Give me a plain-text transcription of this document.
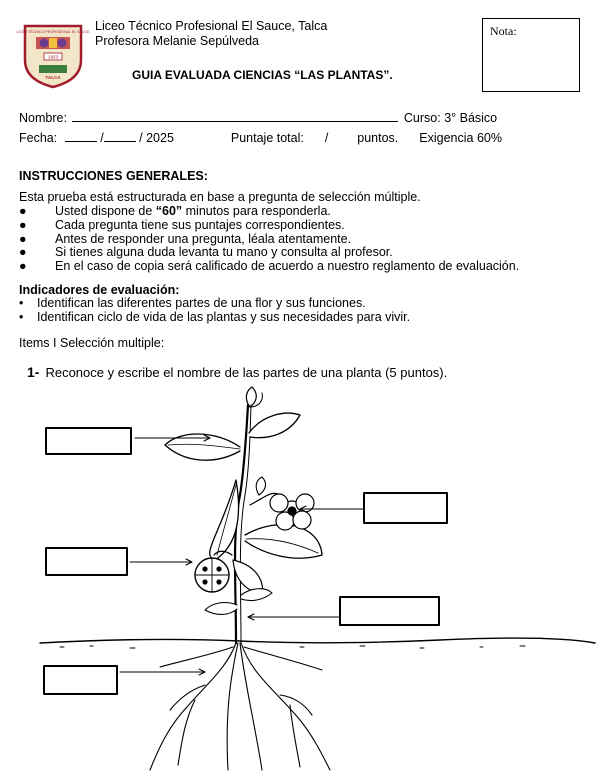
LICEO TÉCNICO PROFESIONAL EL SAUCE
1953
TALCA
Liceo Técnico Profesional El Sauce, Talca
Profesora Melanie Sepúlveda
GUIA EVALUADA CIENCIAS “LAS PLANTAS”.
Nota:
Nombre:	Curso: 3° Básico
Fecha:	/	/ 2025	Puntaje total: / puntos. Exigencia 60%
INSTRUCCIONES GENERALES:
Esta prueba está estructurada en base a pregunta de selección múltiple.
● Usted dispone de “60” minutos para responderla.
● Cada pregunta tiene sus puntajes correspondientes.
● Antes de responder una pregunta, léala atentamente.
● Si tienes alguna duda levanta tu mano y consulta al profesor.
● En el caso de copia será calificado de acuerdo a nuestro reglamento de evaluación.
Indicadores de evaluación:
• Identifican las diferentes partes de una flor y sus funciones.
• Identifican ciclo de vida de las plantas y sus necesidades para vivir.
Items I Selección multiple:
1- Reconoce y escribe el nombre de las partes de una planta (5 puntos).
